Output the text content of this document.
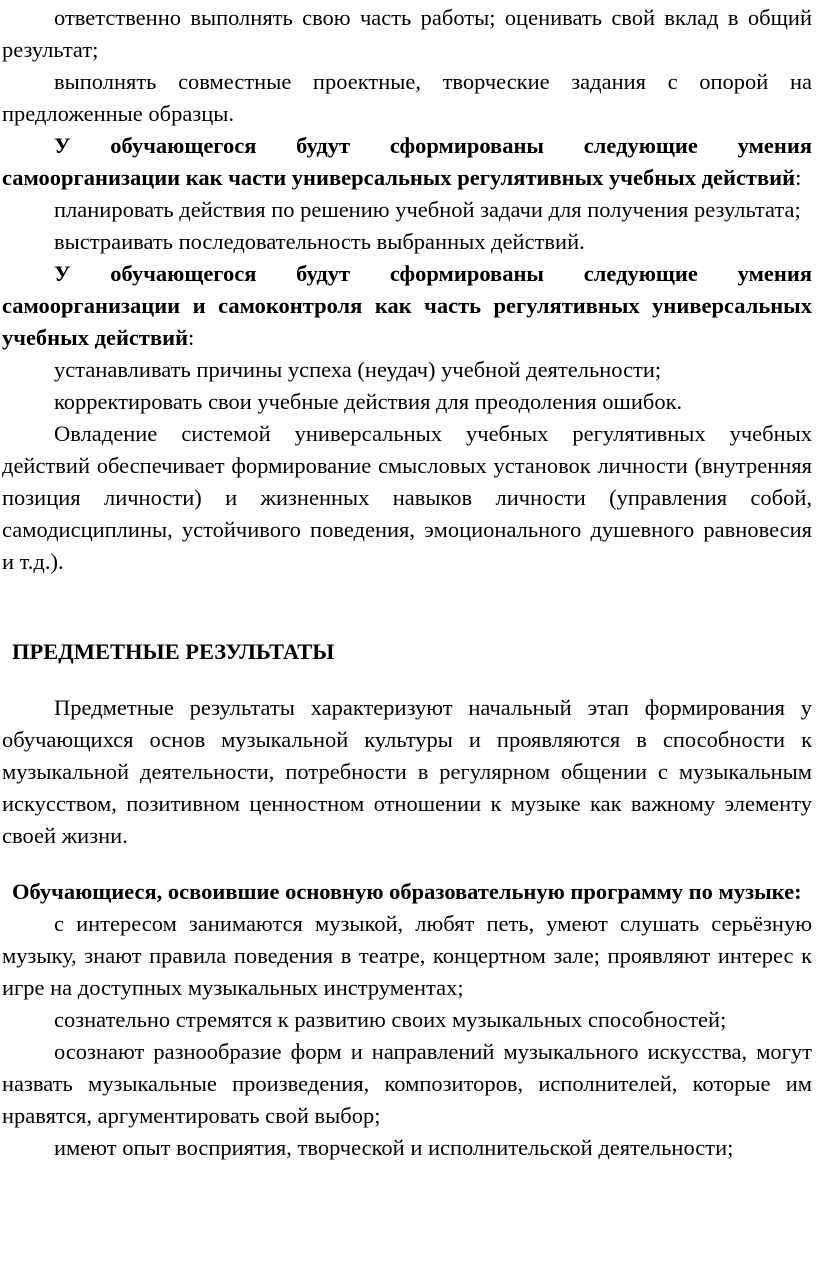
ответственно выполнять свою часть работы; оценивать свой вклад в общий результат;

выполнять совместные проектные, творческие задания с опорой на предложенные образцы.

У обучающегося будут сформированы следующие умения самоорганизации как части универсальных регулятивных учебных действий:

планировать действия по решению учебной задачи для получения результата;

выстраивать последовательность выбранных действий.

У обучающегося будут сформированы следующие умения самоорганизации и самоконтроля как часть регулятивных универсальных учебных действий:

устанавливать причины успеха (неудач) учебной деятельности;

корректировать свои учебные действия для преодоления ошибок.

Овладение системой универсальных учебных регулятивных учебных действий обеспечивает формирование смысловых установок личности (внутренняя позиция личности) и жизненных навыков личности (управления собой, самодисциплины, устойчивого поведения, эмоционального душевного равновесия и т.д.).

ПРЕДМЕТНЫЕ РЕЗУЛЬТАТЫ

Предметные результаты характеризуют начальный этап формирования у обучающихся основ музыкальной культуры и проявляются в способности к музыкальной деятельности, потребности в регулярном общении с музыкальным искусством, позитивном ценностном отношении к музыке как важному элементу своей жизни.

Обучающиеся, освоившие основную образовательную программу по музыке:

с интересом занимаются музыкой, любят петь, умеют слушать серьёзную музыку, знают правила поведения в театре, концертном зале; проявляют интерес к игре на доступных музыкальных инструментах;

сознательно стремятся к развитию своих музыкальных способностей;

осознают разнообразие форм и направлений музыкального искусства, могут назвать музыкальные произведения, композиторов, исполнителей, которые им нравятся, аргументировать свой выбор;

имеют опыт восприятия, творческой и исполнительской деятельности;
